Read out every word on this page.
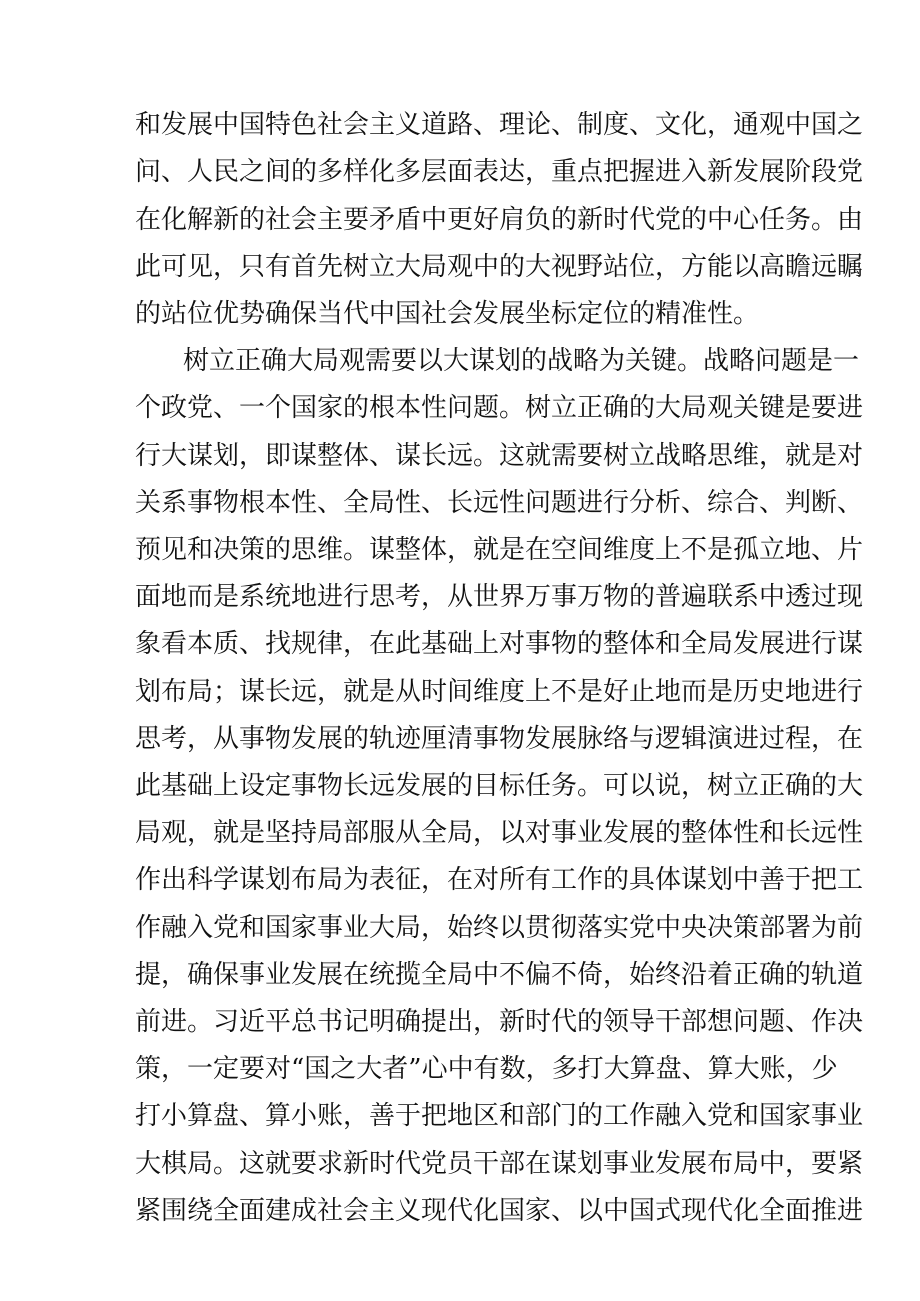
和发展中国特色社会主义道路、理论、制度、文化，通观中国之
问、人民之间的多样化多层面表达，重点把握进入新发展阶段党
在化解新的社会主要矛盾中更好肩负的新时代党的中心任务。由
此可见，只有首先树立大局观中的大视野站位，方能以高瞻远瞩
的站位优势确保当代中国社会发展坐标定位的精准性。
树立正确大局观需要以大谋划的战略为关键。战略问题是一
个政党、一个国家的根本性问题。树立正确的大局观关键是要进
行大谋划，即谋整体、谋长远。这就需要树立战略思维，就是对
关系事物根本性、全局性、长远性问题进行分析、综合、判断、
预见和决策的思维。谋整体，就是在空间维度上不是孤立地、片
面地而是系统地进行思考，从世界万事万物的普遍联系中透过现
象看本质、找规律，在此基础上对事物的整体和全局发展进行谋
划布局；谋长远，就是从时间维度上不是好止地而是历史地进行
思考，从事物发展的轨迹厘清事物发展脉络与逻辑演进过程，在
此基础上设定事物长远发展的目标任务。可以说，树立正确的大
局观，就是坚持局部服从全局，以对事业发展的整体性和长远性
作出科学谋划布局为表征，在对所有工作的具体谋划中善于把工
作融入党和国家事业大局，始终以贯彻落实党中央决策部署为前
提，确保事业发展在统揽全局中不偏不倚，始终沿着正确的轨道
前进。习近平总书记明确提出，新时代的领导干部想问题、作决
策，一定要对“国之大者”心中有数，多打大算盘、算大账，少
打小算盘、算小账，善于把地区和部门的工作融入党和国家事业
大棋局。这就要求新时代党员干部在谋划事业发展布局中，要紧
紧围绕全面建成社会主义现代化国家、以中国式现代化全面推进
